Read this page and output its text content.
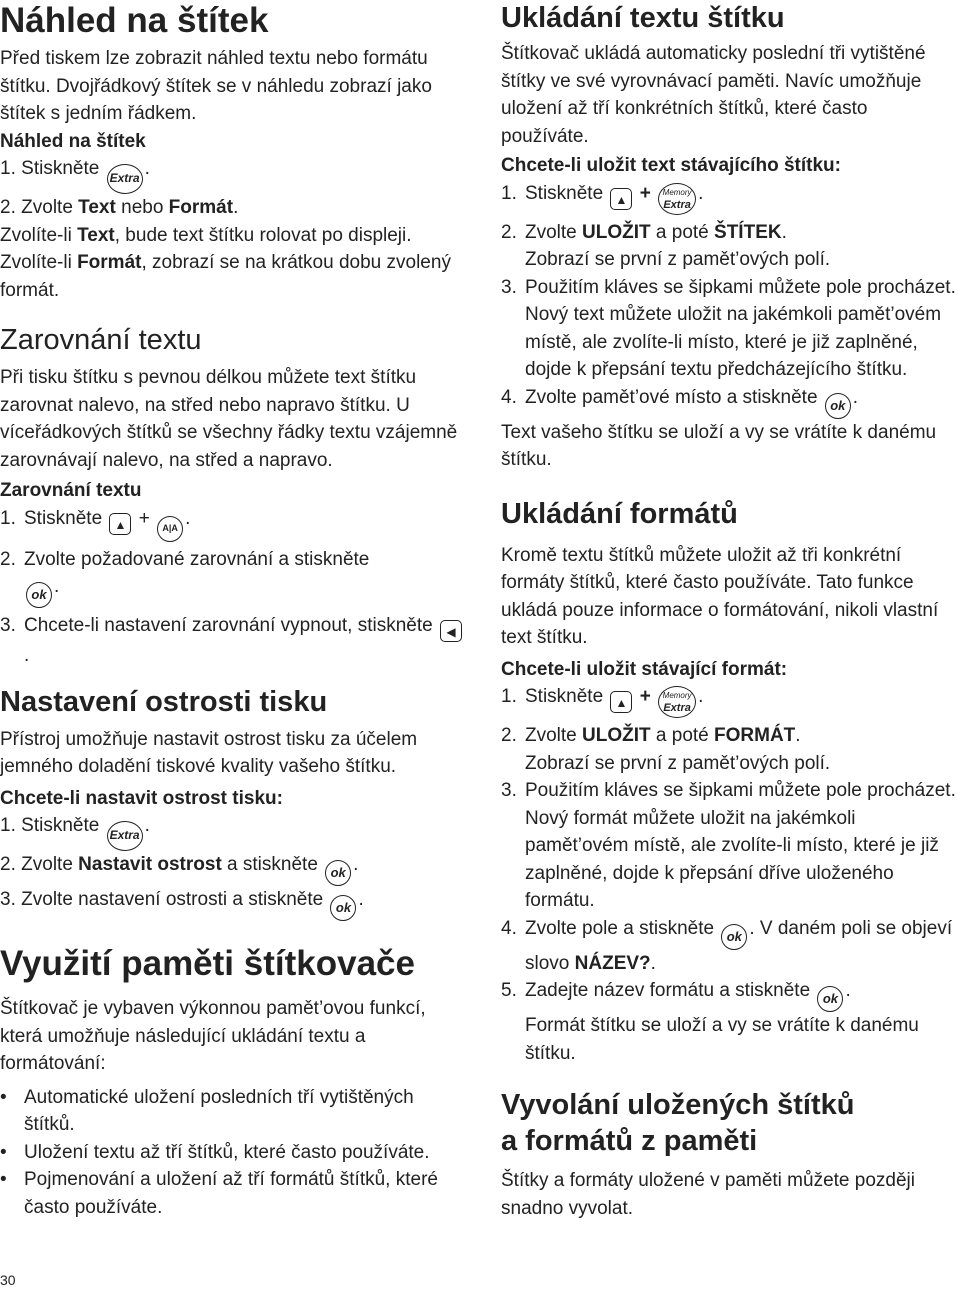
Náhled na štítek

Před tiskem lze zobrazit náhled textu nebo formátu štítku. Dvojřádkový štítek se v náhledu zobrazí jako štítek s jedním řádkem.

Náhled na štítek
1. Stiskněte Extra .
2. Zvolte Text nebo Formát.

Zvolíte-li Text, bude text štítku rolovat po displeji. Zvolíte-li Formát, zobrazí se na krátkou dobu zvolený formát.

Zarovnání textu

Při tisku štítku s pevnou délkou můžete text štítku zarovnat nalevo, na střed nebo napravo štítku. U víceřádkových štítků se všechny řádky textu vzájemně zarovnávají nalevo, na střed a napravo.

Zarovnání textu
1. Stiskněte ▲ + A|A .
2. Zvolte požadované zarovnání a stiskněte
ok .
3. Chcete-li nastavení zarovnání vypnout, stiskněte ◀.
Nastavení ostrosti tisku

Přístroj umožňuje nastavit ostrost tisku za účelem jemného doladění tiskové kvality vašeho štítku.

Chcete-li nastavit ostrost tisku:
1. Stiskněte Extra .
2. Zvolte Nastavit ostrost a stiskněte ok .
3. Zvolte nastavení ostrosti a stiskněte ok .
Využití paměti štítkovače

Štítkovač je vybaven výkonnou pamět’ovou funkcí, která umožňuje následující ukládání textu a formátování:

• Automatické uložení posledních tří vytištěných štítků.
• Uložení textu až tří štítků, které často používáte.
• Pojmenování a uložení až tří formátů štítků, které často používáte.
Ukládání textu štítku

Štítkovač ukládá automaticky poslední tři vytištěné štítky ve své vyrovnávací paměti. Navíc umožňuje uložení až tří konkrétních štítků, které často používáte.

Chcete-li uložit text stávajícího štítku:
1. Stiskněte ▲ +	Memory
Extra.
2. Zvolte ULOŽIT a poté ŠTÍTEK.
Zobrazí se první z pamět’ových polí.
3. Použitím kláves se šipkami můžete pole procházet. Nový text můžete uložit na jakémkoli pamět’ovém místě, ale zvolíte-li místo, které je již zaplněné, dojde k přepsání textu předcházejícího štítku.
4. Zvolte pamět’ové místo a stiskněte ok .

Text vašeho štítku se uloží a vy se vrátíte k danému štítku.

Ukládání formátů

Kromě textu štítků můžete uložit až tři konkrétní formáty štítků, které často používáte. Tato funkce ukládá pouze informace o formátování, nikoli vlastní text štítku.

Chcete-li uložit stávající formát:
1. Stiskněte ▲ +	Memory
Extra.
2. Zvolte ULOŽIT a poté FORMÁT.
Zobrazí se první z pamět’ových polí.
3. Použitím kláves se šipkami můžete pole procházet. Nový formát můžete uložit na jakémkoli pamět’ovém místě, ale zvolíte-li místo, které je již zaplněné, dojde k přepsání dříve uloženého formátu.
4. Zvolte pole a stiskněte ok . V daném poli se objeví slovo NÁZEV?.
5. Zadejte název formátu a stiskněte ok .
Formát štítku se uloží a vy se vrátíte k danému štítku.
Vyvolání uložených štítků
a formátů z paměti

Štítky a formáty uložené v paměti můžete později snadno vyvolat.

30
